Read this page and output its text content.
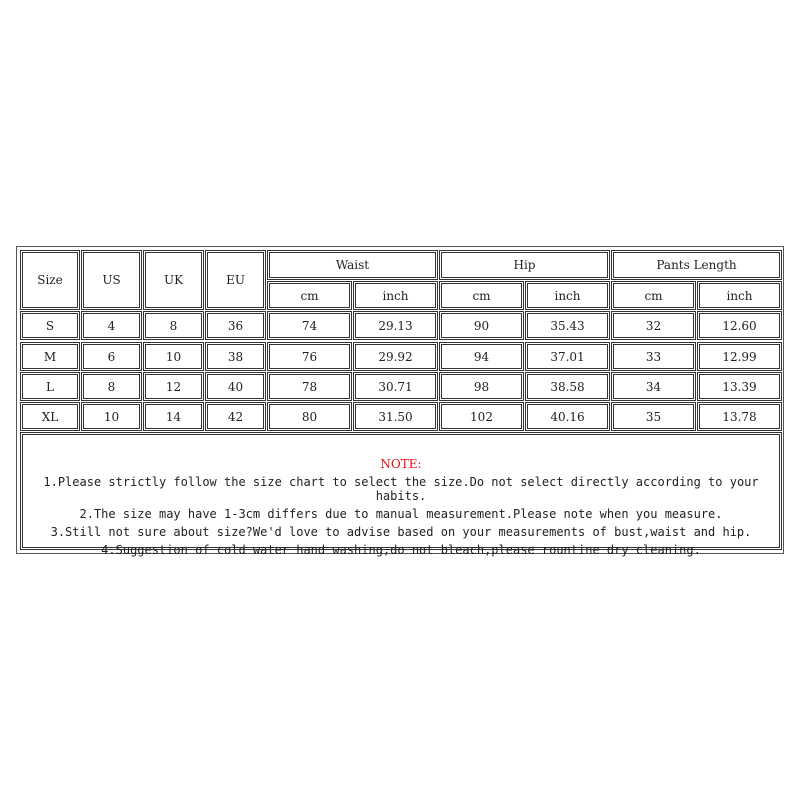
Size	US	UK	EU
Waist	Hip	Pants Length
cm	inch	cm	inch	cm	inch
S	4	8	36	74	29.13	90	35.43	32	12.60
M	6	10	38	76	29.92	94	37.01	33	12.99
L	8	12	40	78	30.71	98	38.58	34	13.39
XL	10	14	42	80	31.50	102	40.16	35	13.78
NOTE:
1.Please strictly follow the size chart to select the size.Do not select directly according to your habits.
2.The size may have 1-3cm differs due to manual measurement.Please note when you measure.
3.Still not sure about size?We'd love to advise based on your measurements of bust,waist and hip.
4.Suggestion of cold water hand washing,do not bleach,please rountine dry cleaning.
